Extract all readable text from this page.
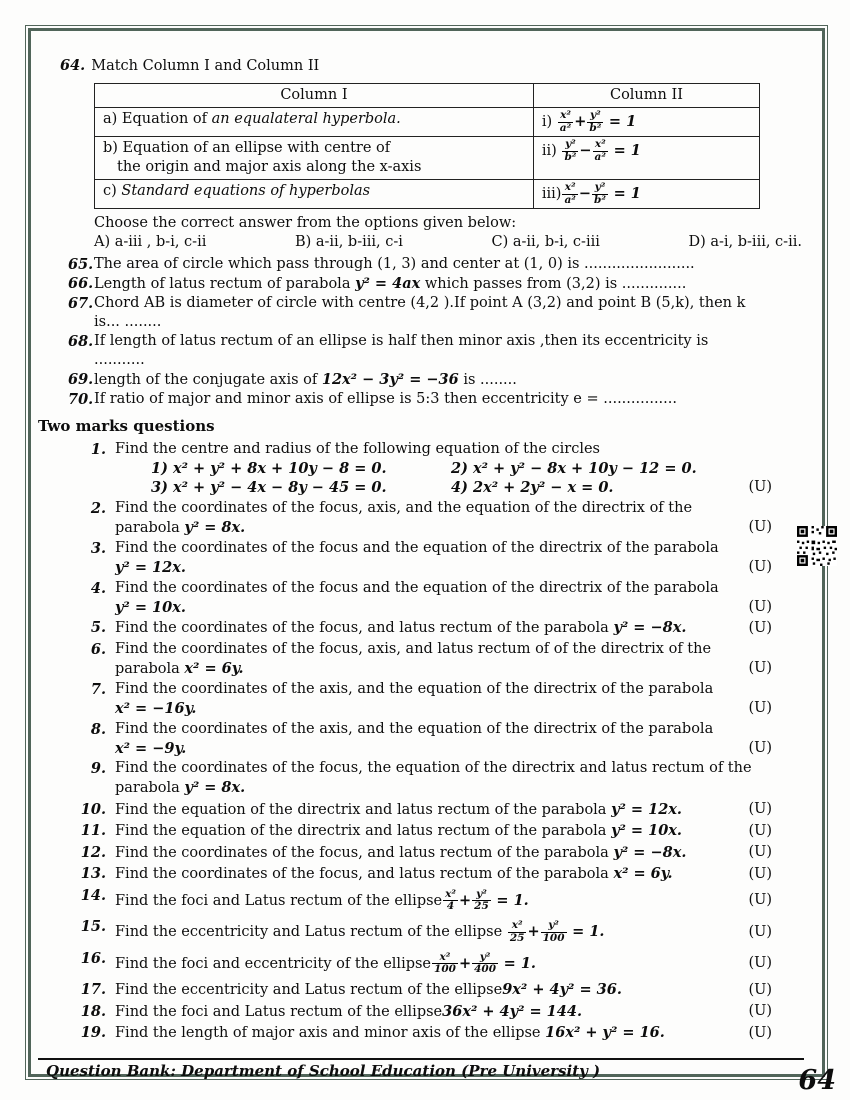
64. Match Column I and Column II
Column I	Column II
a) Equation of an equalateral hyperbola.	$i) \frac{\text{x²}}{\text{a²}} + \frac{\text{y²}}{\text{b²}} = 1$
b) Equation of an ellipse with centre of
the origin and major axis along the x-axis	$ii) \frac{\text{y²}}{\text{b²}} - \frac{\text{x²}}{\text{a²}} = 1$
c) Standard equations of hyperbolas	$iii) \frac{\text{x²}}{\text{a²}} - \frac{\text{y²}}{\text{b²}} = 1$
Choose the correct answer from the options given below:
A) a-iii , b-i, c-ii	B) a-ii, b-iii, c-i	C) a-ii, b-i, c-iii	D) a-i, b-iii, c-ii.
65. The area of circle which pass through (1, 3) and center at (1, 0) is ........................
66. Length of latus rectum of parabola y² = 4ax which passes from (3,2) is ..............
67. Chord AB is diameter of circle with centre (4,2 ).If point A (3,2) and point B (5,k), then k
is... ........
68. If length of latus rectum of an ellipse is half then minor axis ,then its eccentricity is
...........
69. length of the conjugate axis of 12x² − 3y² = −36 is ........
70. If ratio of major and minor axis of ellipse is 5:3 then eccentricity e = ................
Two marks questions
1. Find the centre and radius of the following equation of the circles
1) x² + y² + 8x + 10y − 8 = 0.	2) x² + y² − 8x + 10y − 12 = 0.
3) x² + y² − 4x − 8y − 45 = 0.	4) 2x² + 2y² − x = 0.	(U)
2. Find the coordinates of the focus, axis, and the equation of the directrix of the
parabola y² = 8x.	(U)
3. Find the coordinates of the focus and the equation of the directrix of the parabola
y² = 12x.	(U)
4. Find the coordinates of the focus and the equation of the directrix of the parabola
y² = 10x.	(U)
5. Find the coordinates of the focus, and latus rectum of the parabola y² = −8x.	(U)
6. Find the coordinates of the focus, axis, and latus rectum of of the directrix of the
parabola x² = 6y.	(U)
7. Find the coordinates of the axis, and the equation of the directrix of the parabola
x² = −16y.	(U)
8. Find the coordinates of the axis, and the equation of the directrix of the parabola
x² = −9y.	(U)
9. Find the coordinates of the focus, the equation of the directrix and latus rectum of the
parabola y² = 8x.
10. Find the equation of the directrix and latus rectum of the parabola y² = 12x.	(U)
11. Find the equation of the directrix and latus rectum of the parabola y² = 10x.	(U)
12. Find the coordinates of the focus, and latus rectum of the parabola y² = −8x.	(U)
13. Find the coordinates of the focus, and latus rectum of the parabola x² = 6y.	(U)
14. Find the foci and Latus rectum of the ellipse $\frac{\text{x²}}{4} + \frac{\text{y²}}{25} = 1$.	(U)
15. Find the eccentricity and Latus rectum of the ellipse $\frac{\text{x²}}{25} + \frac{\text{y²}}{100} = 1$.	(U)
16. Find the foci and eccentricity of the ellipse $\frac{\text{x²}}{100} + \frac{\text{y²}}{400} = 1$.	(U)
17. Find the eccentricity and Latus rectum of the ellipse9x² + 4y² = 36.	(U)
18. Find the foci and Latus rectum of the ellipse36x² + 4y² = 144.	(U)
19. Find the length of major axis and minor axis of the ellipse 16x² + y² = 16.	(U)
Question Bank: Department of School Education (Pre University )	64
